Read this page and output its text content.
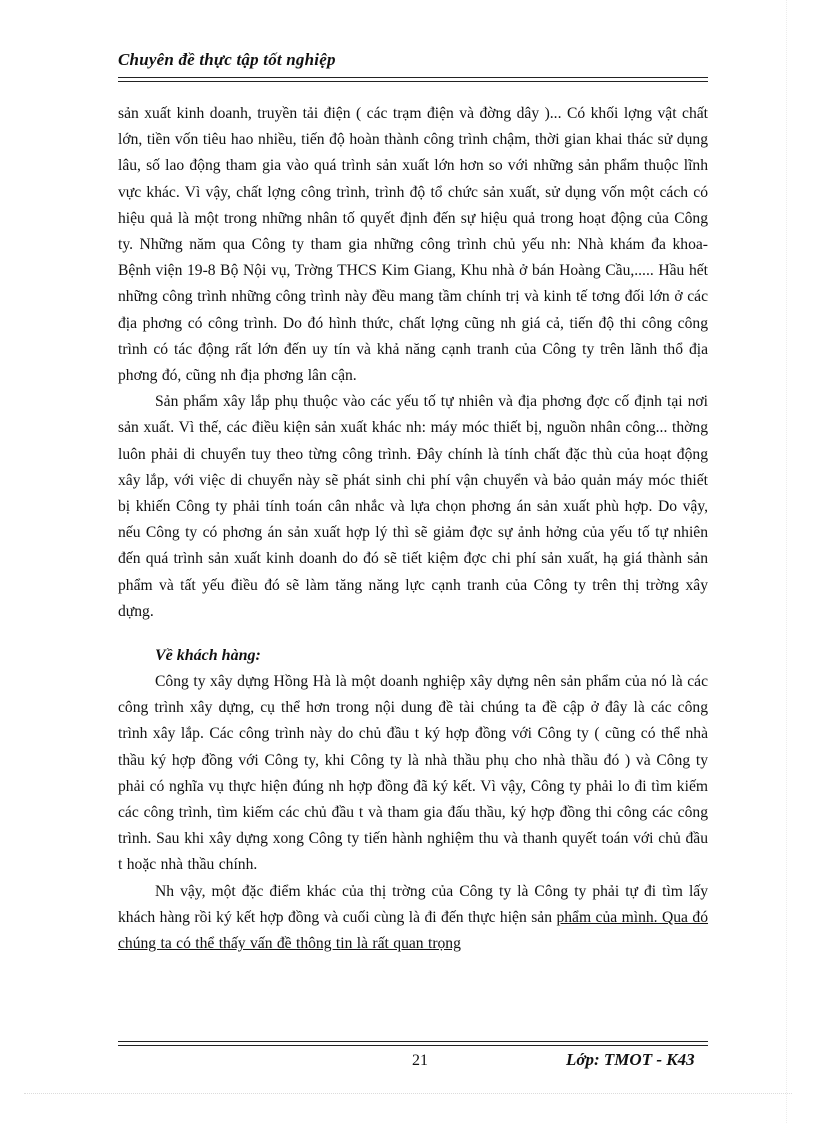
Chuyên đề thực tập tốt nghiệp

sản xuất kinh doanh, truyền tải điện ( các trạm điện và đờng dây )... Có khối lợng vật chất lớn, tiền vốn tiêu hao nhiều, tiến độ hoàn thành công trình chậm, thời gian khai thác sử dụng lâu, số lao động tham gia vào quá trình sản xuất lớn hơn so với những sản phẩm thuộc lĩnh vực khác. Vì vậy, chất lợng công trình, trình độ tổ chức sản xuất, sử dụng vốn một cách có hiệu quả là một trong những nhân tố quyết định đến sự hiệu quả trong hoạt động của Công ty. Những năm qua Công ty tham gia những công trình chủ yếu nh: Nhà khám đa khoa- Bệnh viện 19-8 Bộ Nội vụ, Trờng THCS Kim Giang, Khu nhà ở bán Hoàng Cầu,..... Hầu hết những công trình những công trình này đều mang tầm chính trị và kinh tế tơng đối lớn ở các địa phơng có công trình. Do đó hình thức, chất lợng cũng nh giá cả, tiến độ thi công công trình có tác động rất lớn đến uy tín và khả năng cạnh tranh của Công ty trên lãnh thổ địa phơng đó, cũng nh địa phơng lân cận.

Sản phẩm xây lắp phụ thuộc vào các yếu tố tự nhiên và địa phơng đợc cố định tại nơi sản xuất. Vì thế, các điều kiện sản xuất khác nh: máy móc thiết bị, nguồn nhân công... thờng luôn phải di chuyển tuy theo từng công trình. Đây chính là tính chất đặc thù của hoạt động xây lắp, với việc di chuyển này sẽ phát sinh chi phí vận chuyển và bảo quản máy móc thiết bị khiến Công ty phải tính toán cân nhắc và lựa chọn phơng án sản xuất phù hợp. Do vậy, nếu Công ty có phơng án sản xuất hợp lý thì sẽ giảm đợc sự ảnh hởng của yếu tố tự nhiên đến quá trình sản xuất kinh doanh do đó sẽ tiết kiệm đợc chi phí sản xuất, hạ giá thành sản phẩm và tất yếu điều đó sẽ làm tăng năng lực cạnh tranh của Công ty trên thị trờng xây dựng.

Về khách hàng:

Công ty xây dựng Hồng Hà là một doanh nghiệp xây dựng nên sản phẩm của nó là các công trình xây dựng, cụ thể hơn trong nội dung đề tài chúng ta đề cập ở đây là các công trình xây lắp. Các công trình này do chủ đầu t ký hợp đồng với Công ty ( cũng có thể nhà thầu ký hợp đồng với Công ty, khi Công ty là nhà thầu phụ cho nhà thầu đó ) và Công ty phải có nghĩa vụ thực hiện đúng nh hợp đồng đã ký kết. Vì vậy, Công ty phải lo đi tìm kiếm các công trình, tìm kiếm các chủ đầu t và tham gia đấu thầu, ký hợp đồng thi công các công trình. Sau khi xây dựng xong Công ty tiến hành nghiệm thu và thanh quyết toán với chủ đầu t hoặc nhà thầu chính.

Nh vậy, một đặc điểm khác của thị trờng của Công ty là Công ty phải tự đi tìm lấy khách hàng rồi ký kết hợp đồng và cuối cùng là đi đến thực hiện sản phẩm của mình. Qua đó chúng ta có thể thấy vấn đề thông tin là rất quan trọng

21	Lớp: TMOT - K43
